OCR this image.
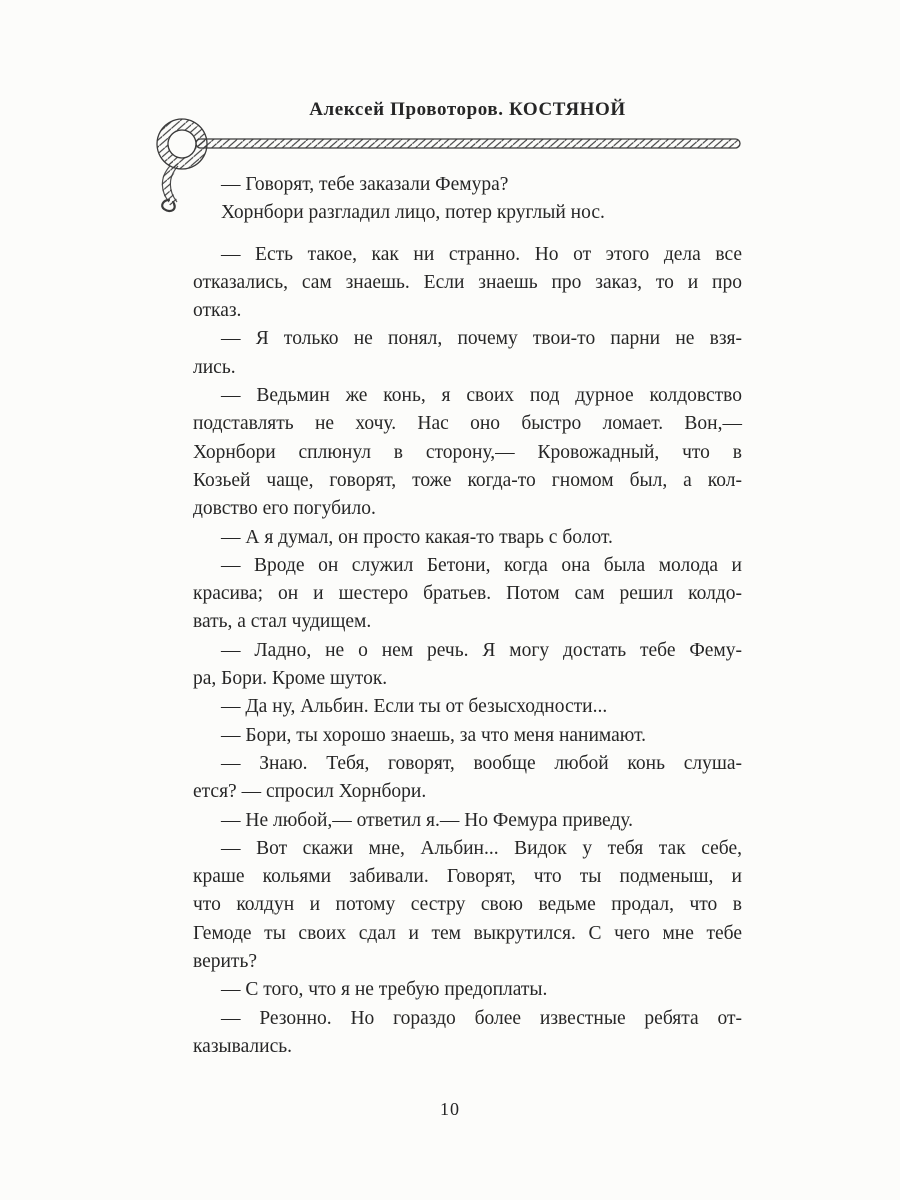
Алексей Провоторов. КОСТЯНОЙ
— Говорят, тебе заказали Фемура?
Хорнбори разгладил лицо, потер круглый нос.
— Есть такое, как ни странно. Но от этого дела все
отказались, сам знаешь. Если знаешь про заказ, то и про
отказ.
— Я только не понял, почему твои-то парни не взя-
лись.
— Ведьмин же конь, я своих под дурное колдовство
подставлять не хочу. Нас оно быстро ломает. Вон,—
Хорнбори сплюнул в сторону,— Кровожадный, что в
Козьей чаще, говорят, тоже когда-то гномом был, а кол-
довство его погубило.
— А я думал, он просто какая-то тварь с болот.
— Вроде он служил Бетони, когда она была молода и
красива; он и шестеро братьев. Потом сам решил колдо-
вать, а стал чудищем.
— Ладно, не о нем речь. Я могу достать тебе Фему-
ра, Бори. Кроме шуток.
— Да ну, Альбин. Если ты от безысходности...
— Бори, ты хорошо знаешь, за что меня нанимают.
— Знаю. Тебя, говорят, вообще любой конь слуша-
ется? — спросил Хорнбори.
— Не любой,— ответил я.— Но Фемура приведу.
— Вот скажи мне, Альбин... Видок у тебя так себе,
краше кольями забивали. Говорят, что ты подменыш, и
что колдун и потому сестру свою ведьме продал, что в
Гемоде ты своих сдал и тем выкрутился. С чего мне тебе
верить?
— С того, что я не требую предоплаты.
— Резонно. Но гораздо более известные ребята от-
казывались.
10
